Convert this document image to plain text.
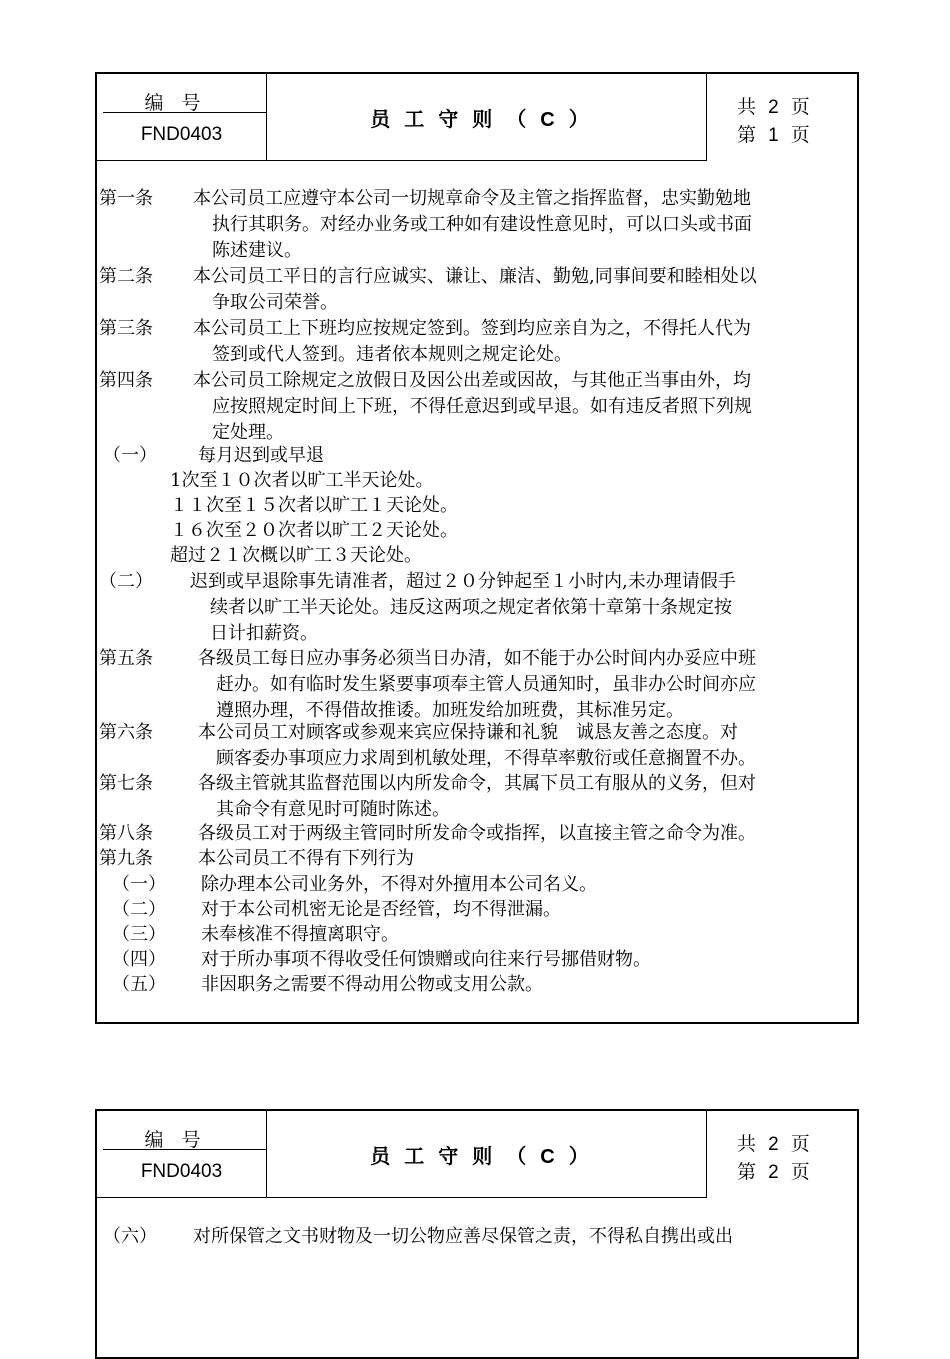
编号
FND0403
员工守则（C）
共 2 页
第 1 页
第一条 本公司员工应遵守本公司一切规章命令及主管之指挥监督，忠实勤勉地
执行其职务。对经办业务或工种如有建设性意见时，可以口头或书面
陈述建议。
第二条 本公司员工平日的言行应诚实、谦让、廉洁、勤勉,同事间要和睦相处以
争取公司荣誉。
第三条 本公司员工上下班均应按规定签到。签到均应亲自为之，不得托人代为
签到或代人签到。违者依本规则之规定论处。
第四条 本公司员工除规定之放假日及因公出差或因故，与其他正当事由外，均
应按照规定时间上下班，不得任意迟到或早退。如有违反者照下列规
定处理。
（一） 每月迟到或早退
1次至１０次者以旷工半天论处。
１１次至１５次者以旷工１天论处。
１６次至２０次者以旷工２天论处。
超过２１次概以旷工３天论处。
（二） 迟到或早退除事先请准者，超过２０分钟起至１小时内,未办理请假手
续者以旷工半天论处。违反这两项之规定者依第十章第十条规定按
日计扣薪资。
第五条	各级员工每日应办事务必须当日办清，如不能于办公时间内办妥应中班
赶办。如有临时发生紧要事项奉主管人员通知时，虽非办公时间亦应
遵照办理，不得借故推诿。加班发给加班费，其标准另定。
第六条	本公司员工对顾客或参观来宾应保持谦和礼貌　诚恳友善之态度。对
顾客委办事项应力求周到机敏处理，不得草率敷衍或任意搁置不办。
第七条	各级主管就其监督范围以内所发命令，其属下员工有服从的义务，但对
其命令有意见时可随时陈述。
第八条	各级员工对于两级主管同时所发命令或指挥，以直接主管之命令为准。
第九条	本公司员工不得有下列行为
（一） 除办理本公司业务外，不得对外擅用本公司名义。
（二） 对于本公司机密无论是否经管，均不得泄漏。
（三） 未奉核准不得擅离职守。
（四） 对于所办事项不得收受任何馈赠或向往来行号挪借财物。
（五） 非因职务之需要不得动用公物或支用公款。
编号
FND0403
员工守则（C）
共 2 页
第 2 页
（六） 对所保管之文书财物及一切公物应善尽保管之责，不得私自携出或出
